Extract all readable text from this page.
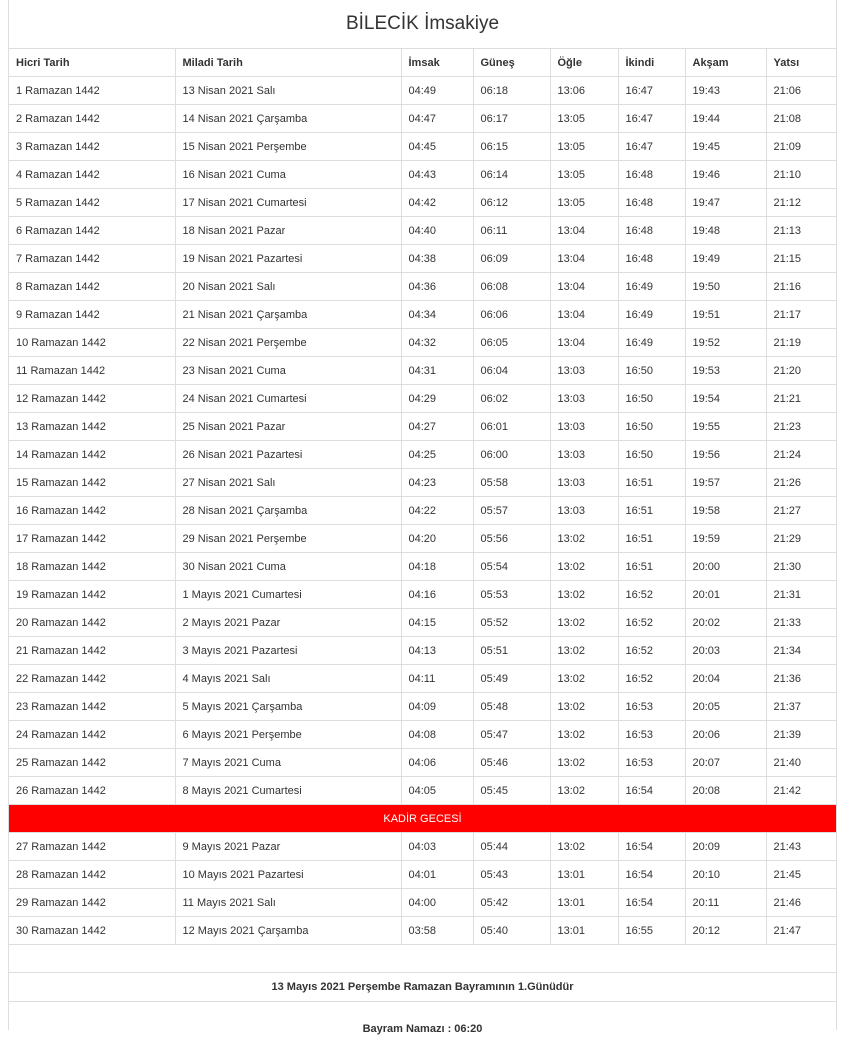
BİLECİK İmsakiye
Hicri Tarih	Miladi Tarih	İmsak	Güneş	Öğle	İkindi	Akşam	Yatsı
1 Ramazan 1442	13 Nisan 2021 Salı	04:49	06:18	13:06	16:47	19:43	21:06
2 Ramazan 1442	14 Nisan 2021 Çarşamba	04:47	06:17	13:05	16:47	19:44	21:08
3 Ramazan 1442	15 Nisan 2021 Perşembe	04:45	06:15	13:05	16:47	19:45	21:09
4 Ramazan 1442	16 Nisan 2021 Cuma	04:43	06:14	13:05	16:48	19:46	21:10
5 Ramazan 1442	17 Nisan 2021 Cumartesi	04:42	06:12	13:05	16:48	19:47	21:12
6 Ramazan 1442	18 Nisan 2021 Pazar	04:40	06:11	13:04	16:48	19:48	21:13
7 Ramazan 1442	19 Nisan 2021 Pazartesi	04:38	06:09	13:04	16:48	19:49	21:15
8 Ramazan 1442	20 Nisan 2021 Salı	04:36	06:08	13:04	16:49	19:50	21:16
9 Ramazan 1442	21 Nisan 2021 Çarşamba	04:34	06:06	13:04	16:49	19:51	21:17
10 Ramazan 1442	22 Nisan 2021 Perşembe	04:32	06:05	13:04	16:49	19:52	21:19
11 Ramazan 1442	23 Nisan 2021 Cuma	04:31	06:04	13:03	16:50	19:53	21:20
12 Ramazan 1442	24 Nisan 2021 Cumartesi	04:29	06:02	13:03	16:50	19:54	21:21
13 Ramazan 1442	25 Nisan 2021 Pazar	04:27	06:01	13:03	16:50	19:55	21:23
14 Ramazan 1442	26 Nisan 2021 Pazartesi	04:25	06:00	13:03	16:50	19:56	21:24
15 Ramazan 1442	27 Nisan 2021 Salı	04:23	05:58	13:03	16:51	19:57	21:26
16 Ramazan 1442	28 Nisan 2021 Çarşamba	04:22	05:57	13:03	16:51	19:58	21:27
17 Ramazan 1442	29 Nisan 2021 Perşembe	04:20	05:56	13:02	16:51	19:59	21:29
18 Ramazan 1442	30 Nisan 2021 Cuma	04:18	05:54	13:02	16:51	20:00	21:30
19 Ramazan 1442	1 Mayıs 2021 Cumartesi	04:16	05:53	13:02	16:52	20:01	21:31
20 Ramazan 1442	2 Mayıs 2021 Pazar	04:15	05:52	13:02	16:52	20:02	21:33
21 Ramazan 1442	3 Mayıs 2021 Pazartesi	04:13	05:51	13:02	16:52	20:03	21:34
22 Ramazan 1442	4 Mayıs 2021 Salı	04:11	05:49	13:02	16:52	20:04	21:36
23 Ramazan 1442	5 Mayıs 2021 Çarşamba	04:09	05:48	13:02	16:53	20:05	21:37
24 Ramazan 1442	6 Mayıs 2021 Perşembe	04:08	05:47	13:02	16:53	20:06	21:39
25 Ramazan 1442	7 Mayıs 2021 Cuma	04:06	05:46	13:02	16:53	20:07	21:40
26 Ramazan 1442	8 Mayıs 2021 Cumartesi	04:05	05:45	13:02	16:54	20:08	21:42
KADİR GECESİ							
27 Ramazan 1442	9 Mayıs 2021 Pazar	04:03	05:44	13:02	16:54	20:09	21:43
28 Ramazan 1442	10 Mayıs 2021 Pazartesi	04:01	05:43	13:01	16:54	20:10	21:45
29 Ramazan 1442	11 Mayıs 2021 Salı	04:00	05:42	13:01	16:54	20:11	21:46
30 Ramazan 1442	12 Mayıs 2021 Çarşamba	03:58	05:40	13:01	16:55	20:12	21:47
13 Mayıs 2021 Perşembe Ramazan Bayramının 1.Günüdür
Bayram Namazı : 06:20
